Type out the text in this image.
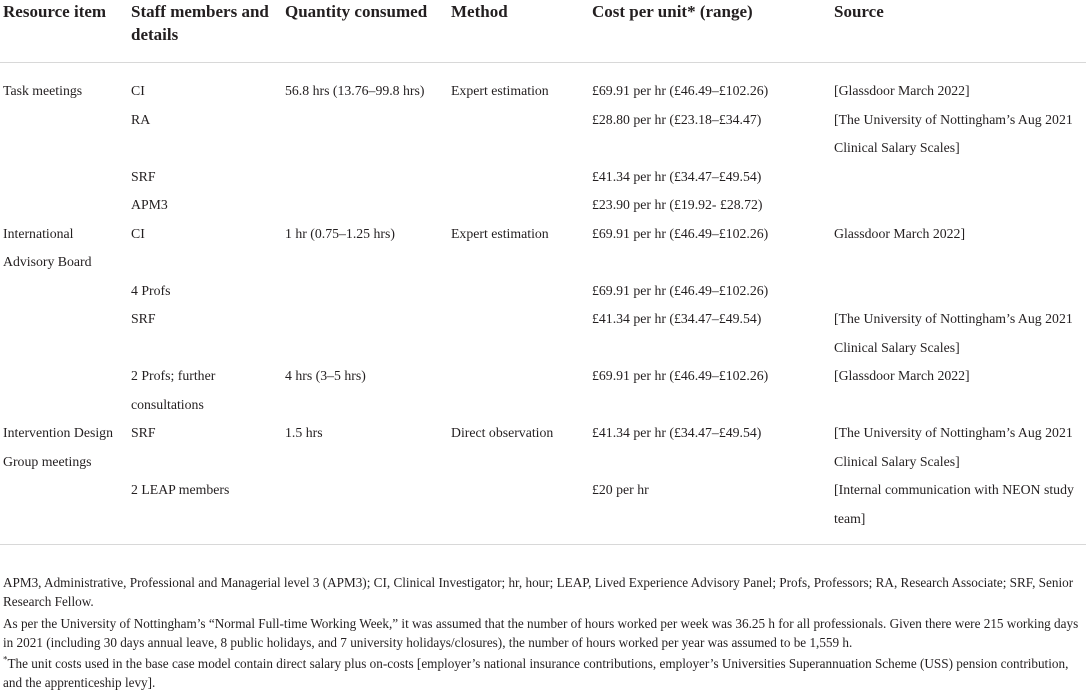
Resource item	Staff members and details	Quantity consumed	Method	Cost per unit* (range)	Source
Task meetings	CI	56.8 hrs (13.76–99.8 hrs)	Expert estimation	£69.91 per hr (£46.49–£102.26)	[Glassdoor March 2022]
	RA			£28.80 per hr (£23.18–£34.47)	[The University of Nottingham’s Aug 2021 Clinical Salary Scales]
	SRF			£41.34 per hr (£34.47–£49.54)	
	APM3			£23.90 per hr (£19.92- £28.72)	
International Advisory Board	CI	1 hr (0.75–1.25 hrs)	Expert estimation	£69.91 per hr (£46.49–£102.26)	Glassdoor March 2022]
	4 Profs			£69.91 per hr (£46.49–£102.26)	
	SRF			£41.34 per hr (£34.47–£49.54)	[The University of Nottingham’s Aug 2021 Clinical Salary Scales]
	2 Profs; further consultations	4 hrs (3–5 hrs)		£69.91 per hr (£46.49–£102.26)	[Glassdoor March 2022]
Intervention Design Group meetings	SRF	1.5 hrs	Direct observation	£41.34 per hr (£34.47–£49.54)	[The University of Nottingham’s Aug 2021 Clinical Salary Scales]
	2 LEAP members			£20 per hr	[Internal communication with NEON study team]

APM3, Administrative, Professional and Managerial level 3 (APM3); CI, Clinical Investigator; hr, hour; LEAP, Lived Experience Advisory Panel; Profs, Professors; RA, Research Associate; SRF, Senior Research Fellow.

As per the University of Nottingham’s “Normal Full-time Working Week,” it was assumed that the number of hours worked per week was 36.25 h for all professionals. Given there were 215 working days in 2021 (including 30 days annual leave, 8 public holidays, and 7 university holidays/closures), the number of hours worked per year was assumed to be 1,559 h.

*The unit costs used in the base case model contain direct salary plus on-costs [employer’s national insurance contributions, employer’s Universities Superannuation Scheme (USS) pension contribution, and the apprenticeship levy].
